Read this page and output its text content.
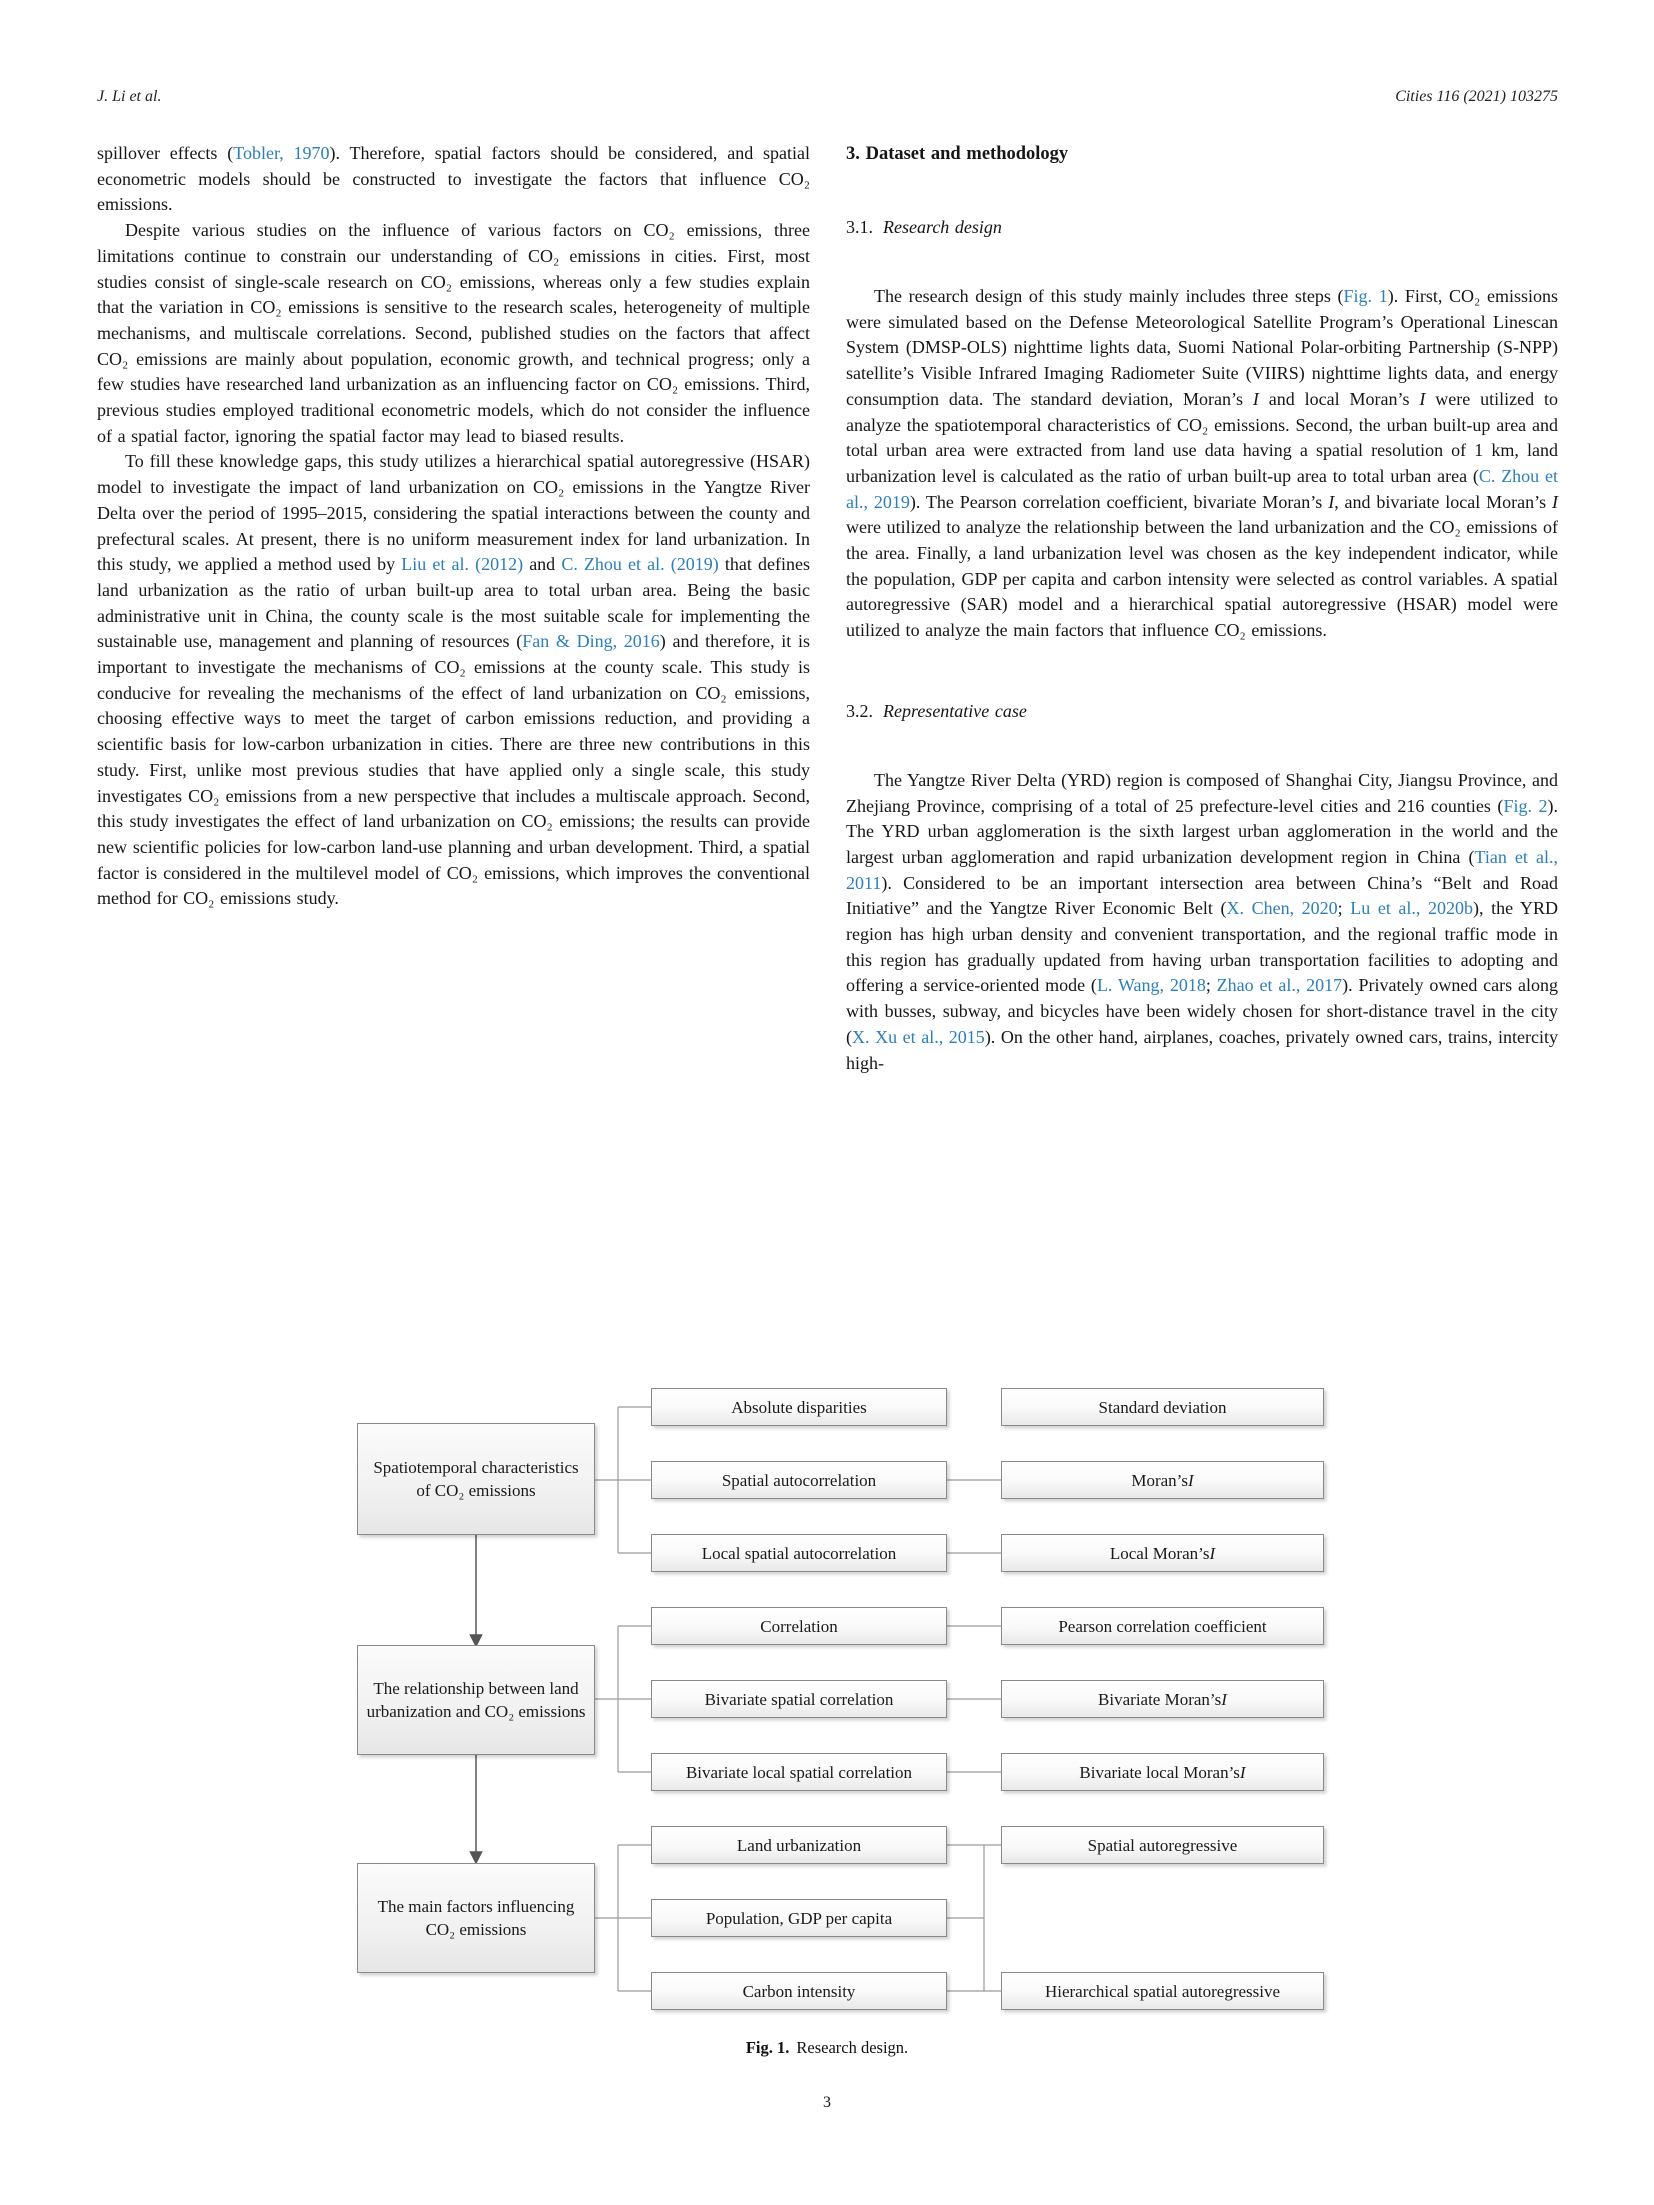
J. Li et al.	Cities 116 (2021) 103275

spillover effects (Tobler, 1970). Therefore, spatial factors should be considered, and spatial econometric models should be constructed to investigate the factors that influence CO₂ emissions.

Despite various studies on the influence of various factors on CO₂ emissions, three limitations continue to constrain our understanding of CO₂ emissions in cities. First, most studies consist of single-scale research on CO₂ emissions, whereas only a few studies explain that the variation in CO₂ emissions is sensitive to the research scales, heterogeneity of multiple mechanisms, and multiscale correlations. Second, published studies on the factors that affect CO₂ emissions are mainly about population, economic growth, and technical progress; only a few studies have researched land urbanization as an influencing factor on CO₂ emissions. Third, previous studies employed traditional econometric models, which do not consider the influence of a spatial factor, ignoring the spatial factor may lead to biased results.

To fill these knowledge gaps, this study utilizes a hierarchical spatial autoregressive (HSAR) model to investigate the impact of land urbanization on CO₂ emissions in the Yangtze River Delta over the period of 1995–2015, considering the spatial interactions between the county and prefectural scales. At present, there is no uniform measurement index for land urbanization. In this study, we applied a method used by Liu et al. (2012) and C. Zhou et al. (2019) that defines land urbanization as the ratio of urban built-up area to total urban area. Being the basic administrative unit in China, the county scale is the most suitable scale for implementing the sustainable use, management and planning of resources (Fan & Ding, 2016) and therefore, it is important to investigate the mechanisms of CO₂ emissions at the county scale. This study is conducive for revealing the mechanisms of the effect of land urbanization on CO₂ emissions, choosing effective ways to meet the target of carbon emissions reduction, and providing a scientific basis for low-carbon urbanization in cities. There are three new contributions in this study. First, unlike most previous studies that have applied only a single scale, this study investigates CO₂ emissions from a new perspective that includes a multiscale approach. Second, this study investigates the effect of land urbanization on CO₂ emissions; the results can provide new scientific policies for low-carbon land-use planning and urban development. Third, a spatial factor is considered in the multilevel model of CO₂ emissions, which improves the conventional method for CO₂ emissions study.

3. Dataset and methodology
3.1. Research design

The research design of this study mainly includes three steps (Fig. 1). First, CO₂ emissions were simulated based on the Defense Meteorological Satellite Program’s Operational Linescan System (DMSP-OLS) nighttime lights data, Suomi National Polar-orbiting Partnership (S-NPP) satellite’s Visible Infrared Imaging Radiometer Suite (VIIRS) nighttime lights data, and energy consumption data. The standard deviation, Moran’s I and local Moran’s I were utilized to analyze the spatiotemporal characteristics of CO₂ emissions. Second, the urban built-up area and total urban area were extracted from land use data having a spatial resolution of 1 km, land urbanization level is calculated as the ratio of urban built-up area to total urban area (C. Zhou et al., 2019). The Pearson correlation coefficient, bivariate Moran’s I, and bivariate local Moran’s I were utilized to analyze the relationship between the land urbanization and the CO₂ emissions of the area. Finally, a land urbanization level was chosen as the key independent indicator, while the population, GDP per capita and carbon intensity were selected as control variables. A spatial autoregressive (SAR) model and a hierarchical spatial autoregressive (HSAR) model were utilized to analyze the main factors that influence CO₂ emissions.

3.2. Representative case

The Yangtze River Delta (YRD) region is composed of Shanghai City, Jiangsu Province, and Zhejiang Province, comprising of a total of 25 prefecture-level cities and 216 counties (Fig. 2). The YRD urban agglomeration is the sixth largest urban agglomeration in the world and the largest urban agglomeration and rapid urbanization development region in China (Tian et al., 2011). Considered to be an important intersection area between China’s “Belt and Road Initiative” and the Yangtze River Economic Belt (X. Chen, 2020; Lu et al., 2020b), the YRD region has high urban density and convenient transportation, and the regional traffic mode in this region has gradually updated from having urban transportation facilities to adopting and offering a service-oriented mode (L. Wang, 2018; Zhao et al., 2017). Privately owned cars along with busses, subway, and bicycles have been widely chosen for short-distance travel in the city (X. Xu et al., 2015). On the other hand, airplanes, coaches, privately owned cars, trains, intercity high-

Spatiotemporal characteristics of CO₂ emissions
The relationship between land urbanization and CO₂ emissions
The main factors influencing CO₂ emissions
Absolute disparities
Spatial autocorrelation
Local spatial autocorrelation
Correlation
Bivariate spatial correlation
Bivariate local spatial correlation
Land urbanization
Population, GDP per capita
Carbon intensity
Standard deviation
Moran’s I
Local Moran’s I
Pearson correlation coefficient
Bivariate Moran’s I
Bivariate local Moran’s I
Spatial autoregressive
Hierarchical spatial autoregressive
Fig. 1. Research design.
3
